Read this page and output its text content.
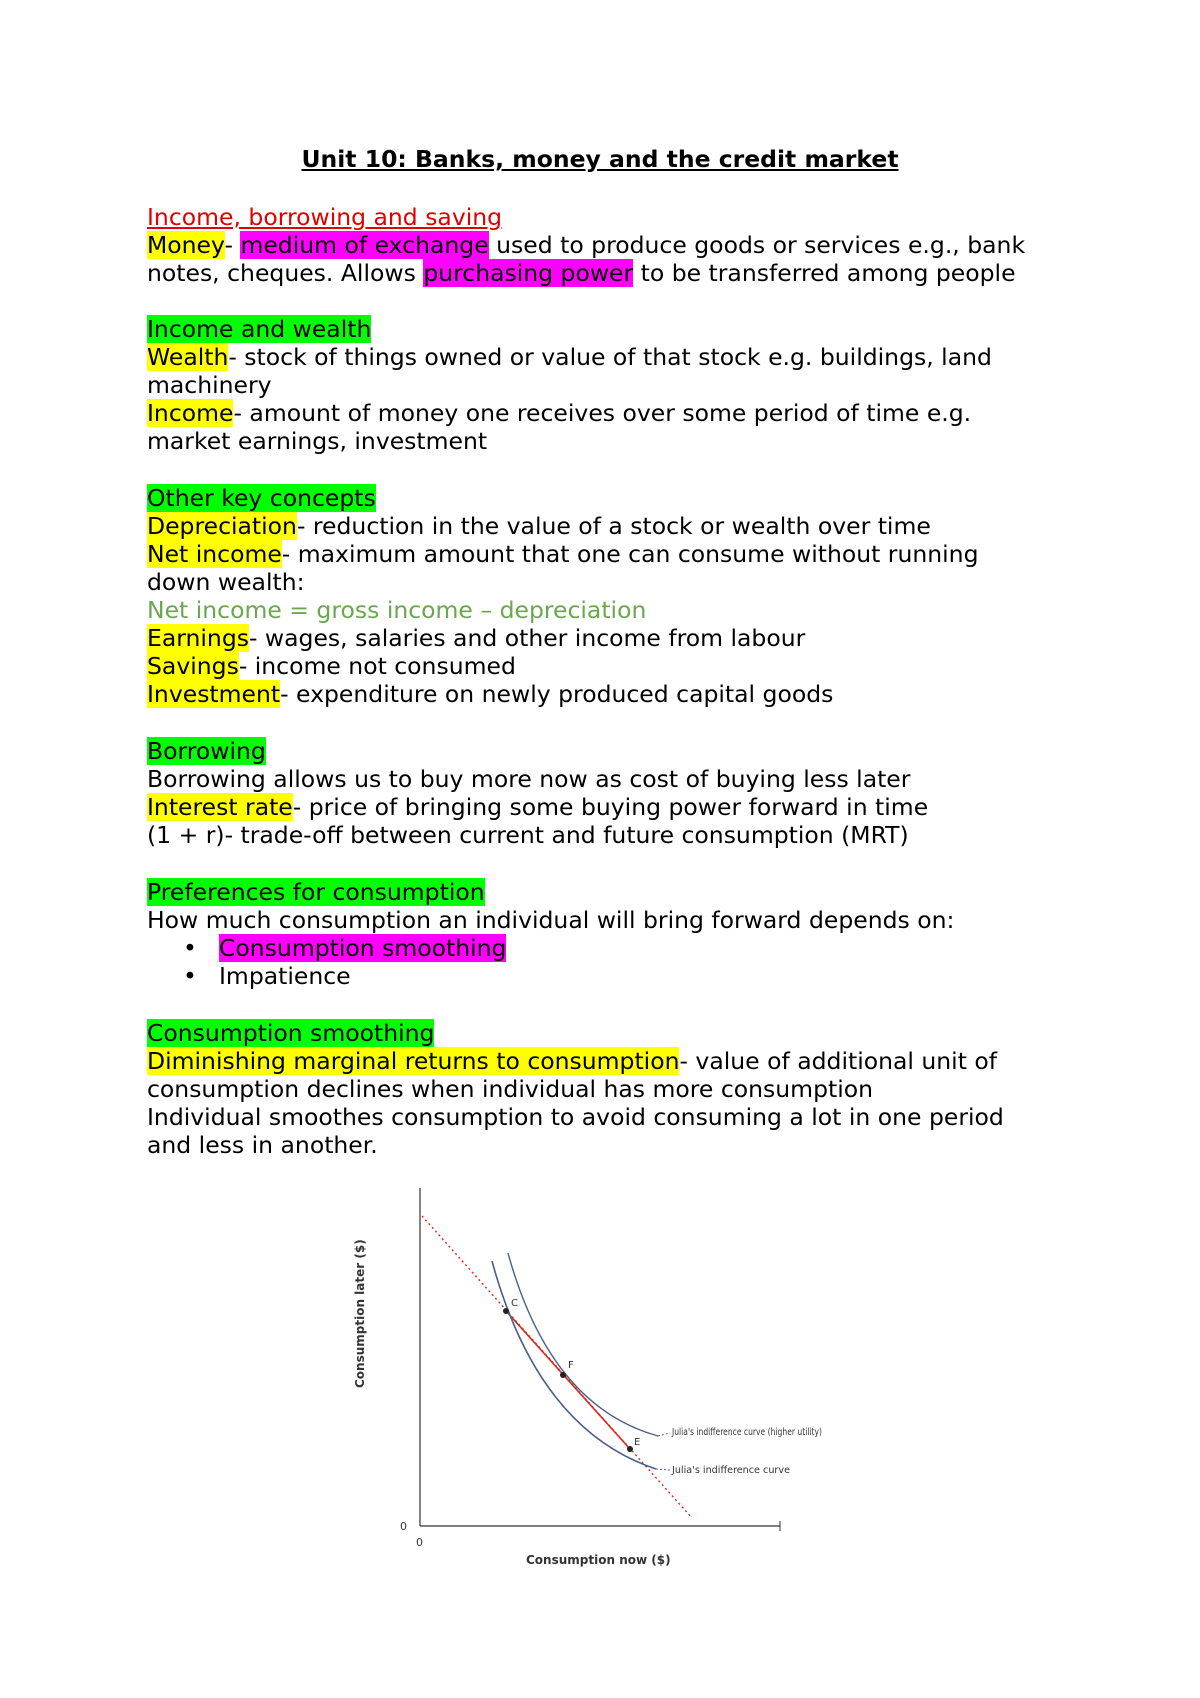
Unit 10: Banks, money and the credit market
Income, borrowing and saving
Money- medium of exchange used to produce goods or services e.g., bank
notes, cheques. Allows purchasing power to be transferred among people
Income and wealth
Wealth- stock of things owned or value of that stock e.g. buildings, land
machinery
Income- amount of money one receives over some period of time e.g.
market earnings, investment
Other key concepts
Depreciation- reduction in the value of a stock or wealth over time
Net income- maximum amount that one can consume without running
down wealth:
Net income = gross income – depreciation
Earnings- wages, salaries and other income from labour
Savings- income not consumed
Investment- expenditure on newly produced capital goods
Borrowing
Borrowing allows us to buy more now as cost of buying less later
Interest rate- price of bringing some buying power forward in time
(1 + r)- trade-off between current and future consumption (MRT)
Preferences for consumption
How much consumption an individual will bring forward depends on:
• Consumption smoothing
• Impatience
Consumption smoothing
Diminishing marginal returns to consumption- value of additional unit of
consumption declines when individual has more consumption
Individual smoothes consumption to avoid consuming a lot in one period
and less in another.
C
F
E
Julia's indifference curve (higher utility)
Julia's indifference curve
0
0
Consumption now ($)
Consumption later ($)
